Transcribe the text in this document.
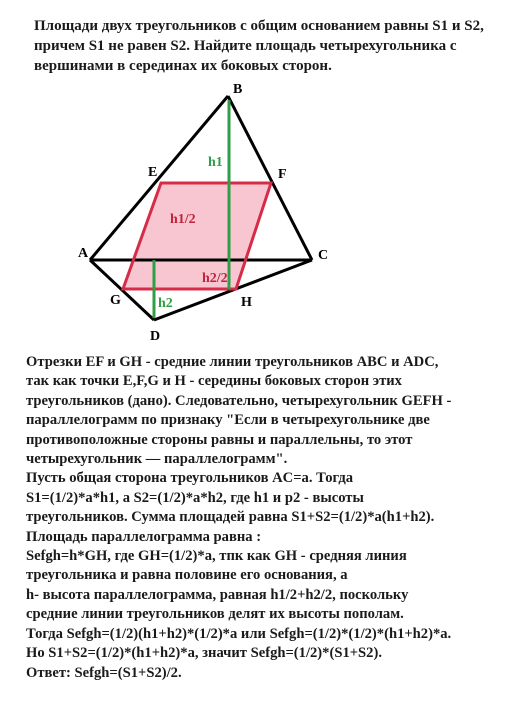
Площади двух треугольников с общим основанием равны S1 и S2,
причем S1 не равен S2. Найдите площадь четырехугольника с
вершинами в серединах их боковых сторон.
A
B
C
D
E	F
G	H
h1
h1/2
h2
h2/2
Отрезки EF и GH - средние линии треугольников ABC и ADC,
так как точки E,F,G и H - середины боковых сторон этих
треугольников (дано). Следовательно, четырехугольник GEFH -
параллелограмм по признаку "Если в четырехугольнике две
противоположные стороны равны и параллельны, то этот
четырехугольник — параллелограмм".
Пусть общая сторона треугольников AC=a. Тогда
S1=(1/2)*a*h1, а S2=(1/2)*a*h2, где h1 и р2 - высоты
треугольников. Сумма площадей равна S1+S2=(1/2)*a(h1+h2).
Площадь параллелограмма равна :
Sefgh=h*GH, где GH=(1/2)*a, тпк как GH - средняя линия
треугольника и равна половине его основания, а
h- высота параллелограмма, равная h1/2+h2/2, поскольку
средние линии треугольников делят их высоты пополам.
Тогда Sefgh=(1/2)(h1+h2)*(1/2)*a или Sefgh=(1/2)*(1/2)*(h1+h2)*a.
Но S1+S2=(1/2)*(h1+h2)*a, значит Sefgh=(1/2)*(S1+S2).
Ответ: Sefgh=(S1+S2)/2.
